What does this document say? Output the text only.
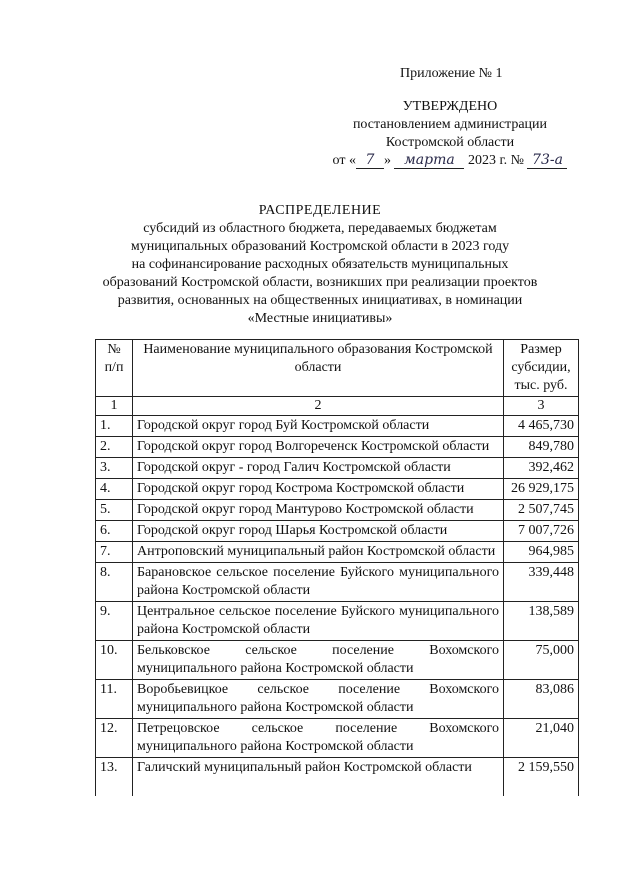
Приложение № 1
УТВЕРЖДЕНО
постановлением администрации
Костромской области
от « 7 » марта 2023 г. № 73-а
РАСПРЕДЕЛЕНИЕ
субсидий из областного бюджета, передаваемых бюджетам
муниципальных образований Костромской области в 2023 году
на софинансирование расходных обязательств муниципальных
образований Костромской области, возникших при реализации проектов
развития, основанных на общественных инициативах, в номинации
«Местные инициативы»
№ п/п	Наименование муниципального образования Костромской области	Размер субсидии, тыс. руб.
1	2	3
1.	Городской округ город Буй Костромской области	4 465,730
2.	Городской округ город Волгореченск Костромской области	849,780
3.	Городской округ - город Галич Костромской области	392,462
4.	Городской округ город Кострома Костромской области	26 929,175
5.	Городской округ город Мантурово Костромской области	2 507,745
6.	Городской округ город Шарья Костромской области	7 007,726
7.	Антроповский муниципальный район Костромской области	964,985
8.	Барановское сельское поселение Буйского муниципального района Костромской области	339,448
9.	Центральное сельское поселение Буйского муниципального района Костромской области	138,589
10.	Бельковское сельское поселение Вохомского муниципального района Костромской области	75,000
11.	Воробьевицкое сельское поселение Вохомского муниципального района Костромской области	83,086
12.	Петрецовское сельское поселение Вохомского муниципального района Костромской области	21,040
13.	Галичский муниципальный район Костромской области	2 159,550
